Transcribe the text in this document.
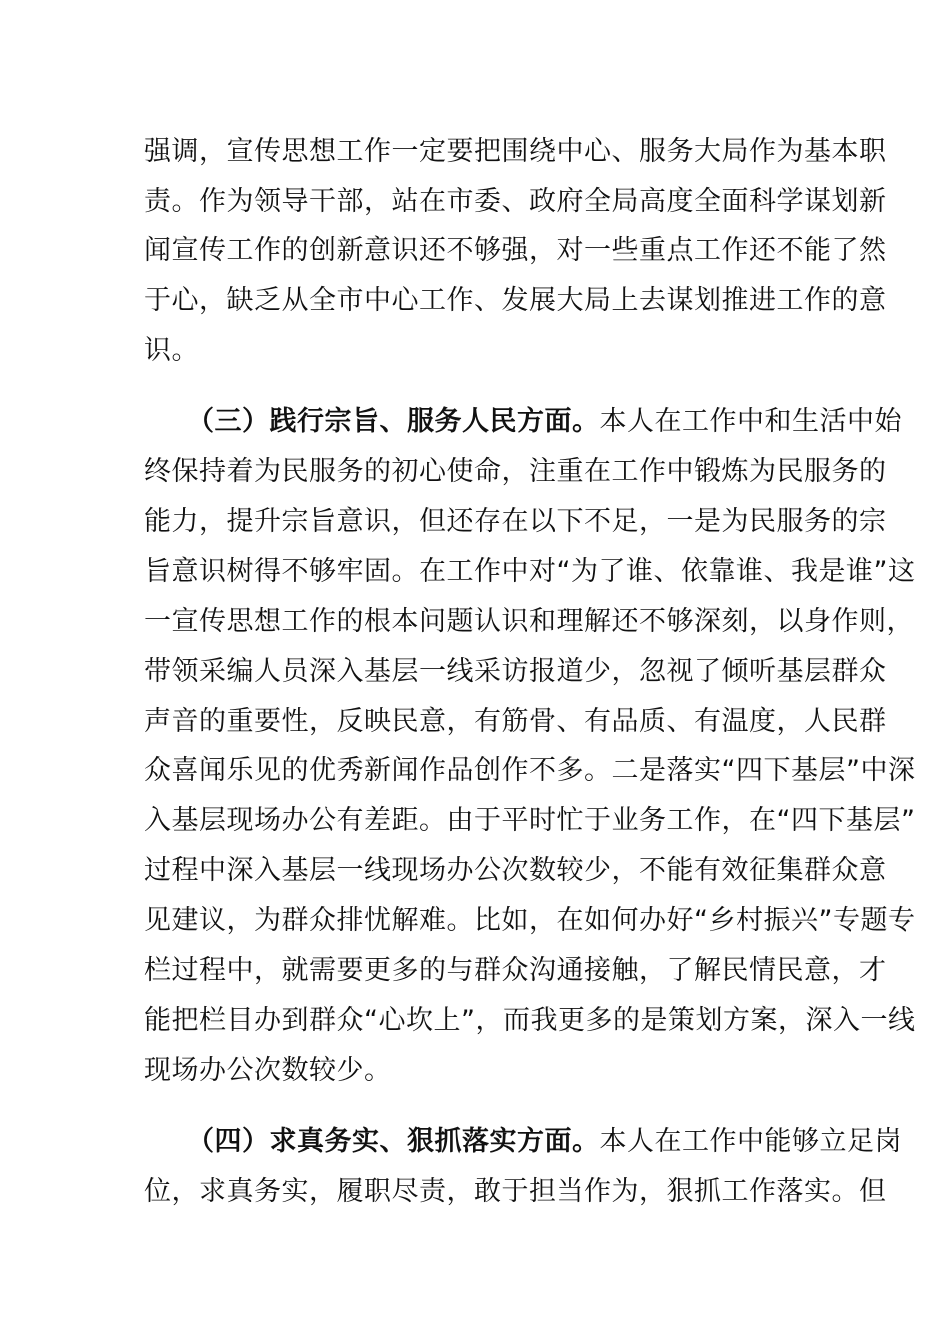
强调，宣传思想工作一定要把围绕中心、服务大局作为基本职
责。作为领导干部，站在市委、政府全局高度全面科学谋划新
闻宣传工作的创新意识还不够强，对一些重点工作还不能了然
于心，缺乏从全市中心工作、发展大局上去谋划推进工作的意
识。
（三）践行宗旨、服务人民方面。本人在工作中和生活中始
终保持着为民服务的初心使命，注重在工作中锻炼为民服务的
能力，提升宗旨意识，但还存在以下不足，一是为民服务的宗
旨意识树得不够牢固。在工作中对“为了谁、依靠谁、我是谁”这
一宣传思想工作的根本问题认识和理解还不够深刻，以身作则，
带领采编人员深入基层一线采访报道少，忽视了倾听基层群众
声音的重要性，反映民意，有筋骨、有品质、有温度，人民群
众喜闻乐见的优秀新闻作品创作不多。二是落实“四下基层”中深
入基层现场办公有差距。由于平时忙于业务工作，在“四下基层”
过程中深入基层一线现场办公次数较少，不能有效征集群众意
见建议，为群众排忧解难。比如，在如何办好“乡村振兴”专题专
栏过程中，就需要更多的与群众沟通接触，了解民情民意，才
能把栏目办到群众“心坎上”，而我更多的是策划方案，深入一线
现场办公次数较少。
（四）求真务实、狠抓落实方面。本人在工作中能够立足岗
位，求真务实，履职尽责，敢于担当作为，狠抓工作落实。但
